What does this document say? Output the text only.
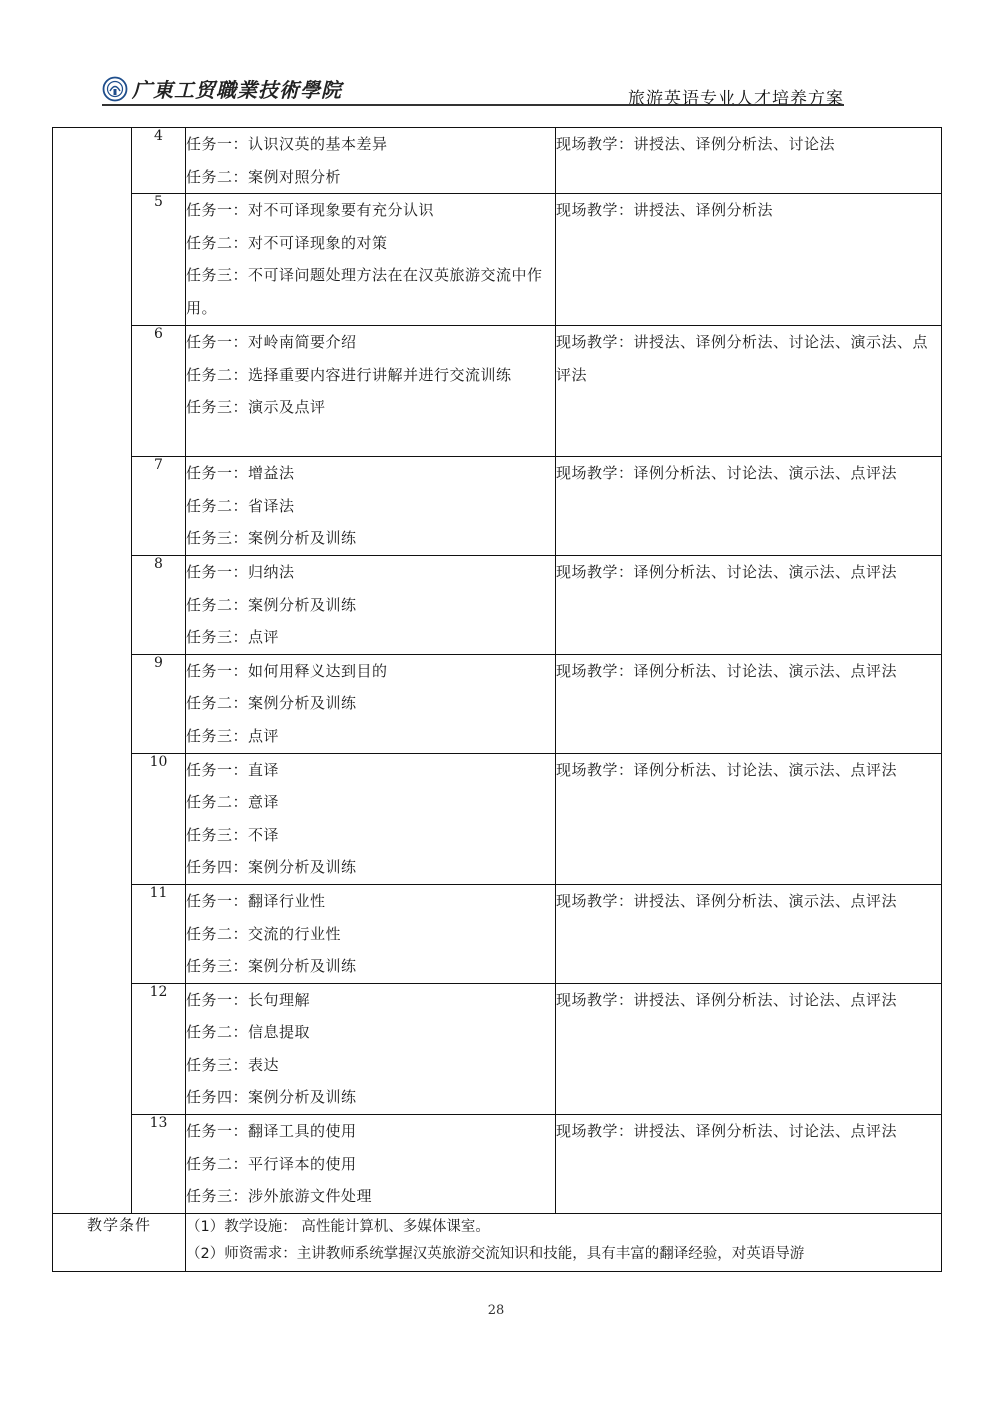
广東工贸職業技術學院	旅游英语专业人才培养方案
	4	任务一：认识汉英的基本差异
任务二：案例对照分析	现场教学：讲授法、译例分析法、讨论法

	5	任务一：对不可译现象要有充分认识
任务二：对不可译现象的对策
任务三：不可译问题处理方法在在汉英旅游交流中作用。	现场教学：讲授法、译例分析法

	6	任务一：对岭南简要介绍
任务二：选择重要内容进行讲解并进行交流训练
任务三：演示及点评	现场教学：讲授法、译例分析法、讨论法、演示法、点评法

	7	任务一：增益法
任务二：省译法
任务三：案例分析及训练	现场教学：译例分析法、讨论法、演示法、点评法

	8	任务一：归纳法
任务二：案例分析及训练
任务三：点评	现场教学：译例分析法、讨论法、演示法、点评法

	9	任务一：如何用释义达到目的
任务二：案例分析及训练
任务三：点评	现场教学：译例分析法、讨论法、演示法、点评法

	10	任务一：直译
任务二：意译
任务三：不译
任务四：案例分析及训练	现场教学：译例分析法、讨论法、演示法、点评法

	11	任务一：翻译行业性
任务二：交流的行业性
任务三：案例分析及训练	现场教学：讲授法、译例分析法、演示法、点评法

	12	任务一：长句理解
任务二：信息提取
任务三：表达
任务四：案例分析及训练	现场教学：讲授法、译例分析法、讨论法、点评法

	13	任务一：翻译工具的使用
任务二：平行译本的使用
任务三：涉外旅游文件处理	现场教学：讲授法、译例分析法、讨论法、点评法

教学条件		（1）教学设施： 高性能计算机、多媒体课室。
（2）师资需求：主讲教师系统掌握汉英旅游交流知识和技能，具有丰富的翻译经验，对英语导游	
28
